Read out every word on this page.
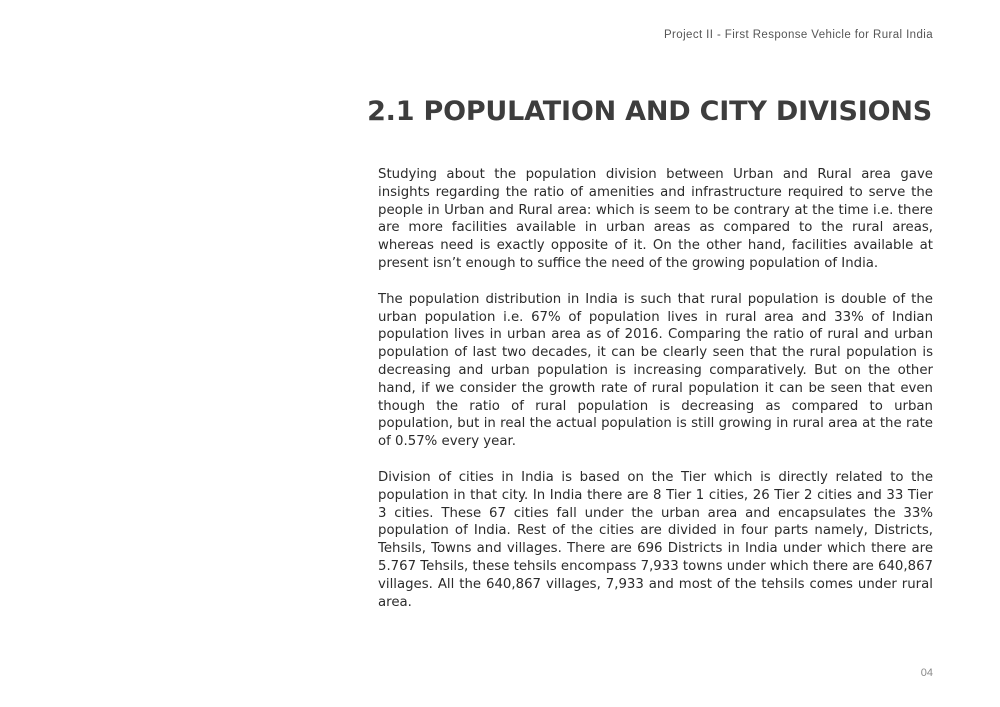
Project II - First Response Vehicle for Rural India
2.1 POPULATION AND CITY DIVISIONS

Studying about the population division between Urban and Rural area gave insights regarding the ratio of amenities and infrastructure required to serve the people in Urban and Rural area: which is seem to be contrary at the time i.e. there are more facilities available in urban areas as compared to the rural areas, whereas need is exactly opposite of it. On the other hand, facilities available at present isn’t enough to suffice the need of the growing population of India.

The population distribution in India is such that rural population is double of the urban population i.e. 67% of population lives in rural area and 33% of Indian population lives in urban area as of 2016. Comparing the ratio of rural and urban population of last two decades, it can be clearly seen that the rural population is decreasing and urban population is increasing comparatively. But on the other hand, if we consider the growth rate of rural population it can be seen that even though the ratio of rural population is decreasing as compared to urban population, but in real the actual population is still growing in rural area at the rate of 0.57% every year.

Division of cities in India is based on the Tier which is directly related to the population in that city. In India there are 8 Tier 1 cities, 26 Tier 2 cities and 33 Tier 3 cities. These 67 cities fall under the urban area and encapsulates the 33% population of India. Rest of the cities are divided in four parts namely, Districts, Tehsils, Towns and villages. There are 696 Districts in India under which there are 5.767 Tehsils, these tehsils encompass 7,933 towns under which there are 640,867 villages. All the 640,867 villages, 7,933 and most of the tehsils comes under rural area.

04
